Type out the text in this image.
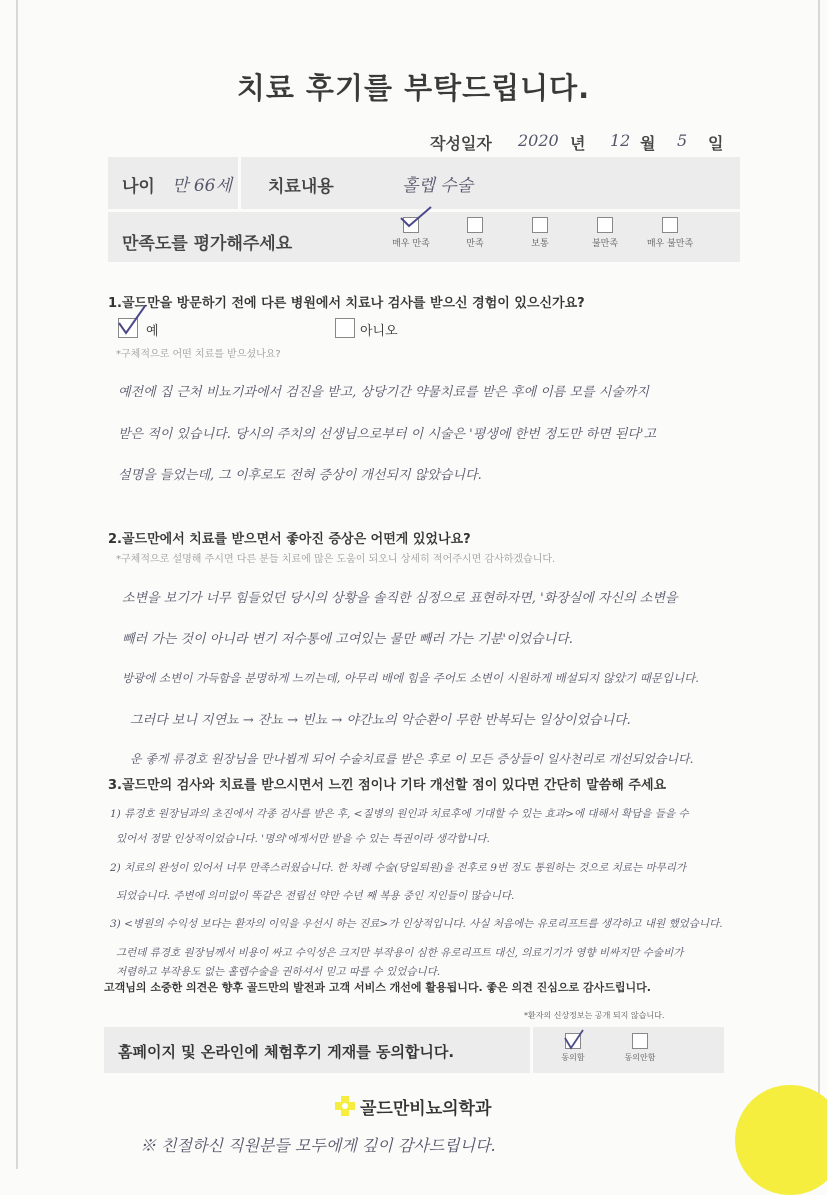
치료 후기를 부탁드립니다.
작성일자 2020 년 12 월 5 일
나이 만 66세 치료내용	홀렙 수술
만족도를 평가해주세요	매우 만족	만족	보통	불만족	매우 불만족
1.골드만을 방문하기 전에 다른 병원에서 치료나 검사를 받으신 경험이 있으신가요?
예	아니오
*구체적으로 어떤 치료를 받으셨나요?
예전에 집 근처 비뇨기과에서 검진을 받고, 상당기간 약물치료를 받은 후에 이름 모를 시술까지
받은 적이 있습니다. 당시의 주치의 선생님으로부터 이 시술은 '평생에 한번 정도만 하면 된다'고
설명을 들었는데, 그 이후로도 전혀 증상이 개선되지 않았습니다.
2.골드만에서 치료를 받으면서 좋아진 증상은 어떤게 있었나요?
*구체적으로 설명해 주시면 다른 분들 치료에 많은 도움이 되오니 상세히 적어주시면 감사하겠습니다.
소변을 보기가 너무 힘들었던 당시의 상황을 솔직한 심정으로 표현하자면, '화장실에 자신의 소변을
빼러 가는 것이 아니라 변기 저수통에 고여있는 물만 빼러 가는 기분'이었습니다.
방광에 소변이 가득함을 분명하게 느끼는데, 아무리 배에 힘을 주어도 소변이 시원하게 배설되지 않았기 때문입니다.
그러다 보니 지연뇨 → 잔뇨 → 빈뇨 → 야간뇨의 악순환이 무한 반복되는 일상이었습니다.
운 좋게 류경호 원장님을 만나뵙게 되어 수술치료를 받은 후로 이 모든 증상들이 일사천리로 개선되었습니다.
3.골드만의 검사와 치료를 받으시면서 느낀 점이나 기타 개선할 점이 있다면 간단히 말씀해 주세요
1) 류경호 원장님과의 초진에서 각종 검사를 받은 후, <질병의 원인과 치료후에 기대할 수 있는 효과>에 대해서 확답을 들을 수
있어서 정말 인상적이었습니다. '명의'에게서만 받을 수 있는 특권이라 생각합니다.
2) 치료의 완성이 있어서 너무 만족스러웠습니다. 한 차례 수술(당일퇴원)을 전후로 9번 정도 통원하는 것으로 치료는 마무리가
되었습니다. 주변에 의미없이 똑같은 전립선 약만 수년 째 복용 중인 지인들이 많습니다.
3) <병원의 수익성 보다는 환자의 이익을 우선시 하는 진료>가 인상적입니다. 사실 처음에는 유로리프트를 생각하고 내원 했었습니다.
그런데 류경호 원장님께서 비용이 싸고 수익성은 크지만 부작용이 심한 유로리프트 대신, 의료기기가 영향 비싸지만 수술비가
저렴하고 부작용도 없는 홀렙수술을 권하셔서 믿고 따를 수 있었습니다.
고객님의 소중한 의견은 향후 골드만의 발전과 고객 서비스 개선에 활용됩니다. 좋은 의견 진심으로 감사드립니다.
*환자의 신상정보는 공개 되지 않습니다.
홈페이지 및 온라인에 체험후기 게재를 동의합니다.	동의함	동의안함
골드만비뇨의학과
※ 친절하신 직원분들 모두에게 깊이 감사드립니다.
